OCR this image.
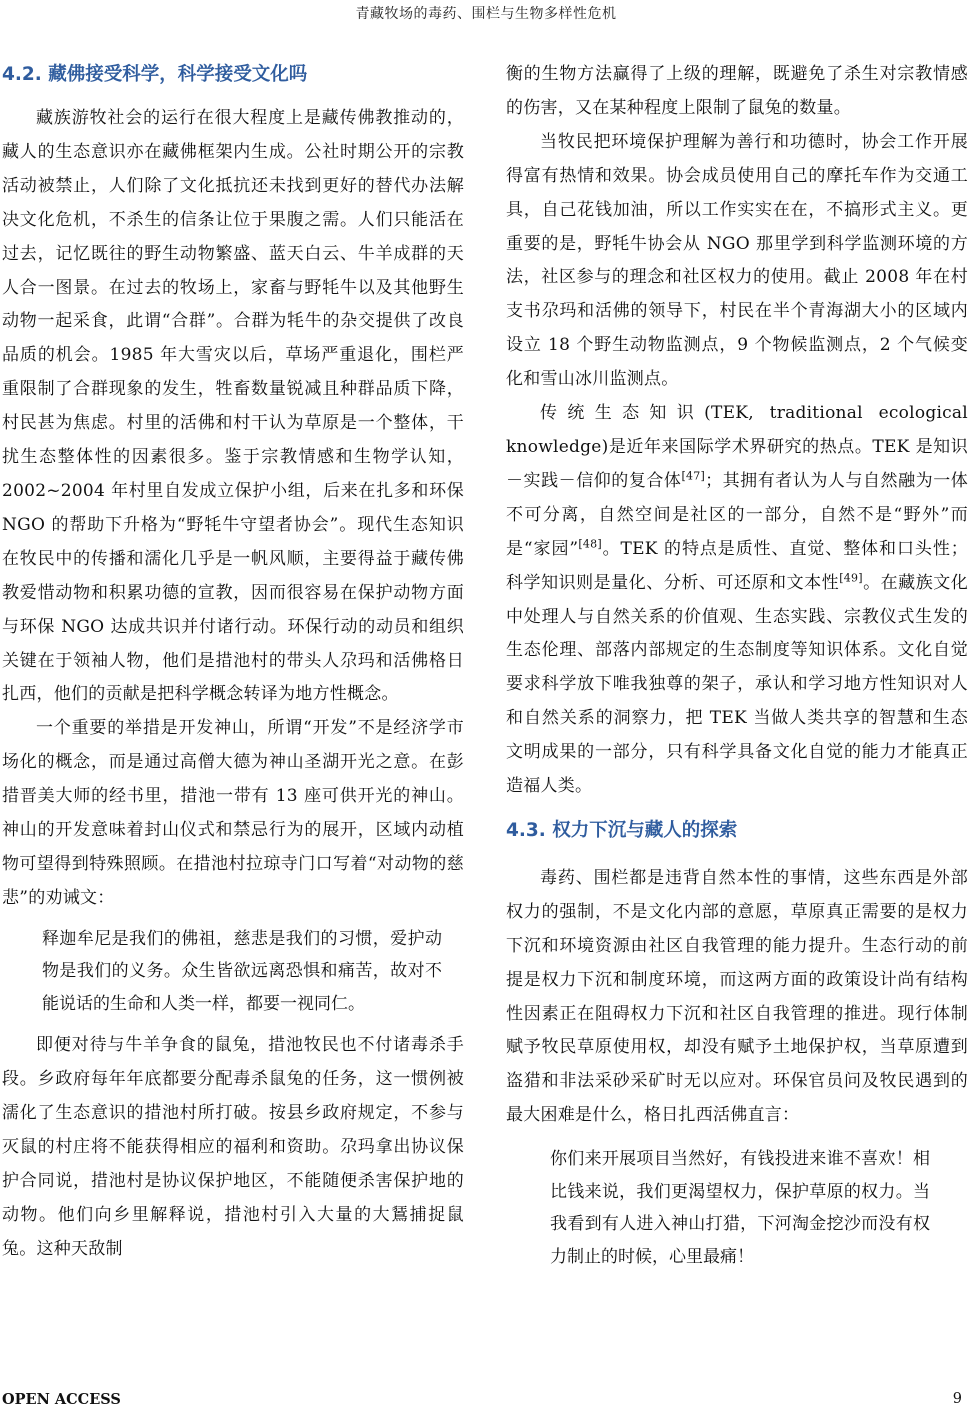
青藏牧场的毒药、围栏与生物多样性危机
4.2. 藏佛接受科学，科学接受文化吗

藏族游牧社会的运行在很大程度上是藏传佛教推动的，藏人的生态意识亦在藏佛框架内生成。公社时期公开的宗教活动被禁止，人们除了文化抵抗还未找到更好的替代办法解决文化危机，不杀生的信条让位于果腹之需。人们只能活在过去，记忆既往的野生动物繁盛、蓝天白云、牛羊成群的天人合一图景。在过去的牧场上，家畜与野牦牛以及其他野生动物一起采食，此谓“合群”。合群为牦牛的杂交提供了改良品质的机会。1985 年大雪灾以后，草场严重退化，围栏严重限制了合群现象的发生，牲畜数量锐减且种群品质下降，村民甚为焦虑。村里的活佛和村干认为草原是一个整体，干扰生态整体性的因素很多。鉴于宗教情感和生物学认知，2002~2004 年村里自发成立保护小组，后来在扎多和环保 NGO 的帮助下升格为“野牦牛守望者协会”。现代生态知识在牧民中的传播和濡化几乎是一帆风顺，主要得益于藏传佛教爱惜动物和积累功德的宣教，因而很容易在保护动物方面与环保 NGO 达成共识并付诸行动。环保行动的动员和组织关键在于领袖人物，他们是措池村的带头人尕玛和活佛格日扎西，他们的贡献是把科学概念转译为地方性概念。

一个重要的举措是开发神山，所谓“开发”不是经济学市场化的概念，而是通过高僧大德为神山圣湖开光之意。在彭措晋美大师的经书里，措池一带有 13 座可供开光的神山。神山的开发意味着封山仪式和禁忌行为的展开，区域内动植物可望得到特殊照顾。在措池村拉琼寺门口写着“对动物的慈悲”的劝诫文：

释迦牟尼是我们的佛祖，慈悲是我们的习惯，爱护动物是我们的义务。众生皆欲远离恐惧和痛苦，故对不能说话的生命和人类一样，都要一视同仁。

即便对待与牛羊争食的鼠兔，措池牧民也不付诸毒杀手段。乡政府每年年底都要分配毒杀鼠兔的任务，这一惯例被濡化了生态意识的措池村所打破。按县乡政府规定，不参与灭鼠的村庄将不能获得相应的福利和资助。尕玛拿出协议保护合同说，措池村是协议保护地区，不能随便杀害保护地的动物。他们向乡里解释说，措池村引入大量的大鵟捕捉鼠兔。这种天敌制

衡的生物方法赢得了上级的理解，既避免了杀生对宗教情感的伤害，又在某种程度上限制了鼠兔的数量。

当牧民把环境保护理解为善行和功德时，协会工作开展得富有热情和效果。协会成员使用自己的摩托车作为交通工具，自己花钱加油，所以工作实实在在，不搞形式主义。更重要的是，野牦牛协会从 NGO 那里学到科学监测环境的方法，社区参与的理念和社区权力的使用。截止 2008 年在村支书尕玛和活佛的领导下，村民在半个青海湖大小的区域内设立 18 个野生动物监测点，9 个物候监测点，2 个气候变化和雪山冰川监测点。

传统生态知识(TEK, traditional ecological knowledge)是近年来国际学术界研究的热点。TEK 是知识－实践－信仰的复合体[47]；其拥有者认为人与自然融为一体不可分离，自然空间是社区的一部分，自然不是“野外”而是“家园”[48]。TEK 的特点是质性、直觉、整体和口头性；科学知识则是量化、分析、可还原和文本性[49]。在藏族文化中处理人与自然关系的价值观、生态实践、宗教仪式生发的生态伦理、部落内部规定的生态制度等知识体系。文化自觉要求科学放下唯我独尊的架子，承认和学习地方性知识对人和自然关系的洞察力，把 TEK 当做人类共享的智慧和生态文明成果的一部分，只有科学具备文化自觉的能力才能真正造福人类。

4.3. 权力下沉与藏人的探索

毒药、围栏都是违背自然本性的事情，这些东西是外部权力的强制，不是文化内部的意愿，草原真正需要的是权力下沉和环境资源由社区自我管理的能力提升。生态行动的前提是权力下沉和制度环境，而这两方面的政策设计尚有结构性因素正在阻碍权力下沉和社区自我管理的推进。现行体制赋予牧民草原使用权，却没有赋予土地保护权，当草原遭到盗猎和非法采砂采矿时无以应对。环保官员问及牧民遇到的最大困难是什么，格日扎西活佛直言：

你们来开展项目当然好，有钱投进来谁不喜欢！相比钱来说，我们更渴望权力，保护草原的权力。当我看到有人进入神山打猎，下河淘金挖沙而没有权力制止的时候，心里最痛！
OPEN ACCESS	9
